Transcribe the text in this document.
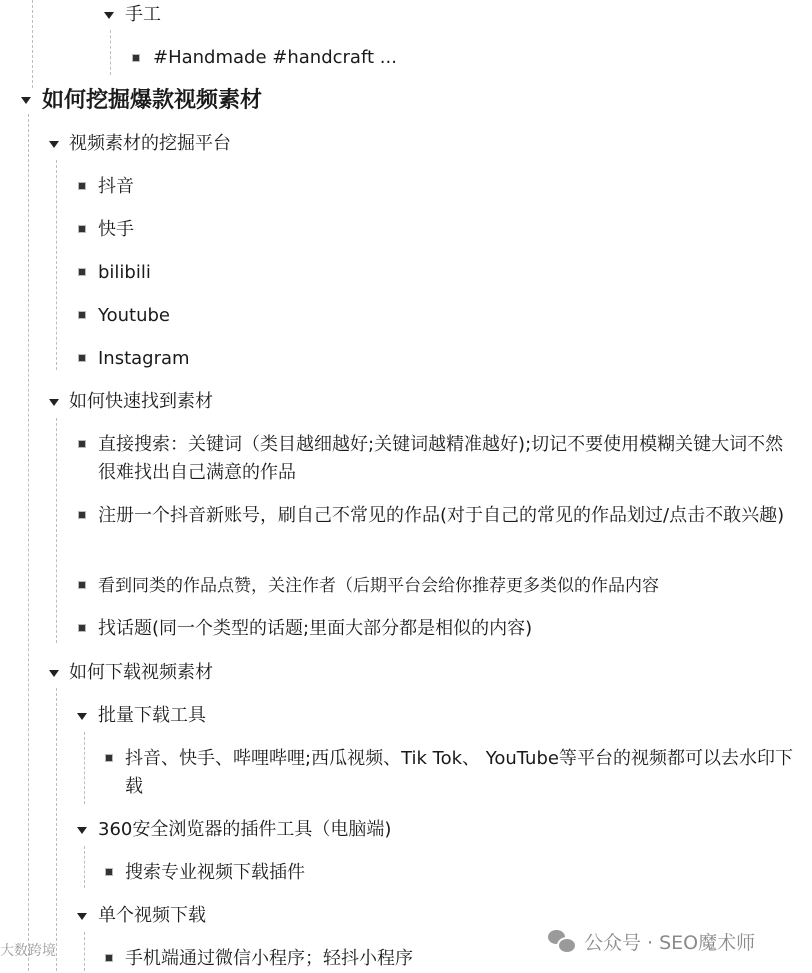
手工
#Handmade #handcraft ...
如何挖掘爆款视频素材
视频素材的挖掘平台
抖音
快手
bilibili
Youtube
Instagram
如何快速找到素材
直接搜索：关键词（类目越细越好;关键词越精准越好);切记不要使用模糊关键大词不然很难找出自己满意的作品
注册一个抖音新账号，刷自己不常见的作品(对于自己的常见的作品划过/点击不敢兴趣)
看到同类的作品点赞，关注作者（后期平台会给你推荐更多类似的作品内容
找话题(同一个类型的话题;里面大部分都是相似的内容)
如何下载视频素材
批量下载工具
抖音、快手、哔哩哔哩;西瓜视频、Tik Tok、 YouTube等平台的视频都可以去水印下载
360安全浏览器的插件工具（电脑端)
搜索专业视频下载插件
单个视频下载
手机端通过微信小程序；轻抖小程序
大数跨境	公众号 · SEO魔术师
